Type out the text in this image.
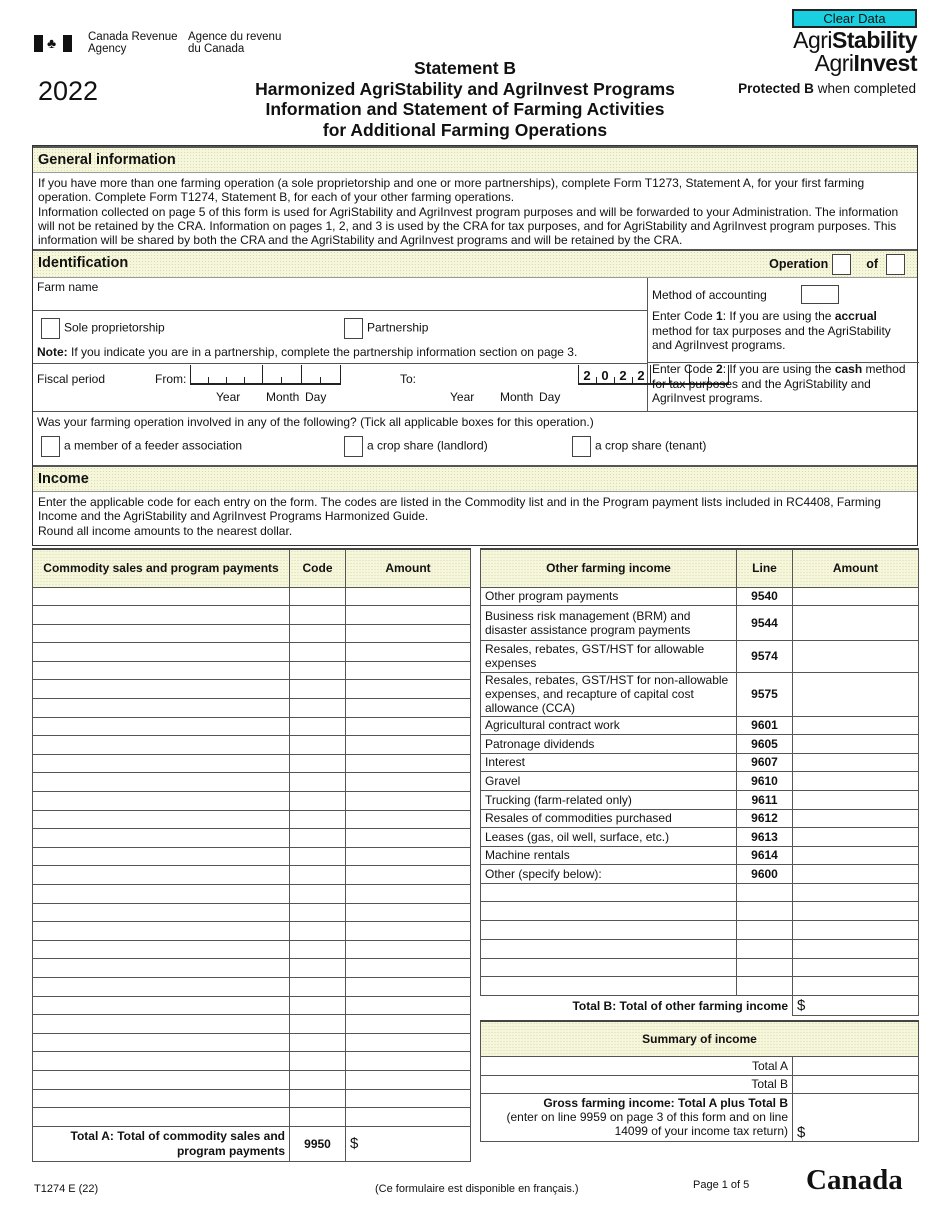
Clear Data
♣	Canada Revenue
Agency
Agence du revenu
du Canada
2022
Statement B
Harmonized AgriStability and AgriInvest Programs
Information and Statement of Farming Activities
for Additional Farming Operations
AgriStability
AgriInvest
Protected B when completed
General information
If you have more than one farming operation (a sole proprietorship and one or more partnerships), complete Form T1273, Statement A, for your first farming operation. Complete Form T1274, Statement B, for each of your other farming operations.
Information collected on page 5 of this form is used for AgriStability and AgriInvest program purposes and will be forwarded to your Administration. The information will not be retained by the CRA. Information on pages 1, 2, and 3 is used by the CRA for tax purposes, and for AgriStability and AgriInvest program purposes. This information will be shared by both the CRA and the AgriStability and AgriInvest programs and will be retained by the CRA.
Identification	Operation	of
Farm name
Sole proprietorship	Partnership
Note: If you indicate you are in a partnership, complete the partnership information section on page 3.
Fiscal period	From:

Year Month Day
To:	2 0 2 2
Year Month Day
Method of accounting
Enter Code 1: If you are using the accrual method for tax purposes and the AgriStability and AgriInvest programs.
Enter Code 2: If you are using the cash method for tax purposes and the AgriStability and AgriInvest programs.
Was your farming operation involved in any of the following? (Tick all applicable boxes for this operation.)
a member of a feeder association	a crop share (landlord)	a crop share (tenant)
Income
Enter the applicable code for each entry on the form. The codes are listed in the Commodity list and in the Program payment lists included in RC4408, Farming Income and the AgriStability and AgriInvest Programs Harmonized Guide.
Round all income amounts to the nearest dollar.
Commodity sales and program payments	Code	Amount

Total A: Total of commodity sales and program payments	9950	$
Other farming income	Line	Amount
Other program payments	9540	
Business risk management (BRM) and disaster assistance program payments	9544	
Resales, rebates, GST/HST for allowable expenses	9574	
Resales, rebates, GST/HST for non-allowable expenses, and recapture of capital cost allowance (CCA)	9575	
Agricultural contract work	9601	
Patronage dividends	9605	
Interest	9607	
Gravel	9610	
Trucking (farm-related only)	9611	
Resales of commodities purchased	9612	
Leases (gas, oil well, surface, etc.)	9613	
Machine rentals	9614	
Other (specify below):	9600	

Total B: Total of other farming income		$
Summary of income	
Total A	
Total B	

Gross farming income: Total A plus Total B
(enter on line 9959 on page 3 of this form and on line 14099 of your income tax return)	$
T1274 E (22)	(Ce formulaire est disponible en français.)	Page 1 of 5 Canada
